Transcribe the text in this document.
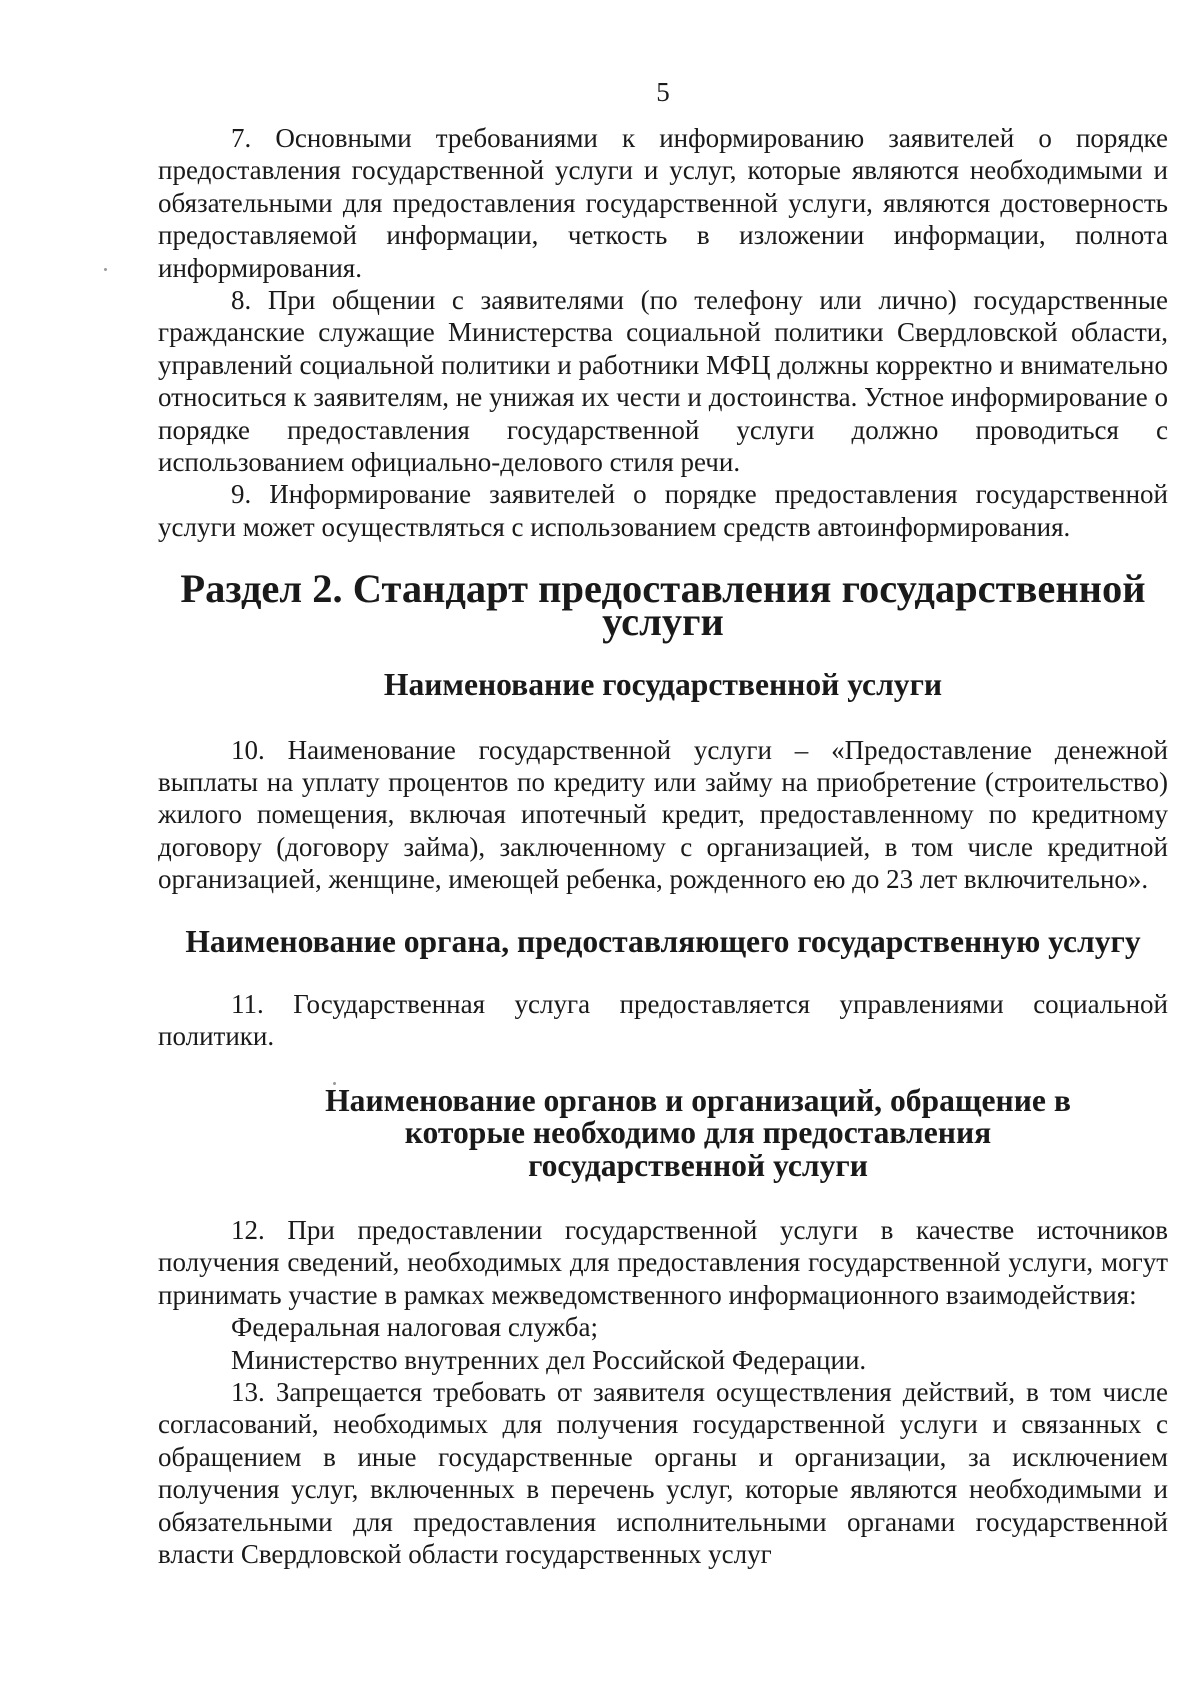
5

7. Основными требованиями к информированию заявителей о порядке предоставления государственной услуги и услуг, которые являются необходимыми и обязательными для предоставления государственной услуги, являются достоверность предоставляемой информации, четкость в изложении информации, полнота информирования.

8. При общении с заявителями (по телефону или лично) государственные гражданские служащие Министерства социальной политики Свердловской области, управлений социальной политики и работники МФЦ должны корректно и внимательно относиться к заявителям, не унижая их чести и достоинства. Устное информирование о порядке предоставления государственной услуги должно проводиться с использованием официально-делового стиля речи.

9. Информирование заявителей о порядке предоставления государственной услуги может осуществляться с использованием средств автоинформирования.

Раздел 2. Стандарт предоставления государственной услуги
Наименование государственной услуги

10. Наименование государственной услуги – «Предоставление денежной выплаты на уплату процентов по кредиту или займу на приобретение (строительство) жилого помещения, включая ипотечный кредит, предоставленному по кредитному договору (договору займа), заключенному с организацией, в том числе кредитной организацией, женщине, имеющей ребенка, рожденного ею до 23 лет включительно».

Наименование органа, предоставляющего государственную услугу

11. Государственная услуга предоставляется управлениями социальной политики.

Наименование органов и организаций, обращение в которые необходимо для предоставления государственной услуги

12. При предоставлении государственной услуги в качестве источников получения сведений, необходимых для предоставления государственной услуги, могут принимать участие в рамках межведомственного информационного взаимодействия:

Федеральная налоговая служба;

Министерство внутренних дел Российской Федерации.

13. Запрещается требовать от заявителя осуществления действий, в том числе согласований, необходимых для получения государственной услуги и связанных с обращением в иные государственные органы и организации, за исключением получения услуг, включенных в перечень услуг, которые являются необходимыми и обязательными для предоставления исполнительными органами государственной власти Свердловской области государственных услуг
